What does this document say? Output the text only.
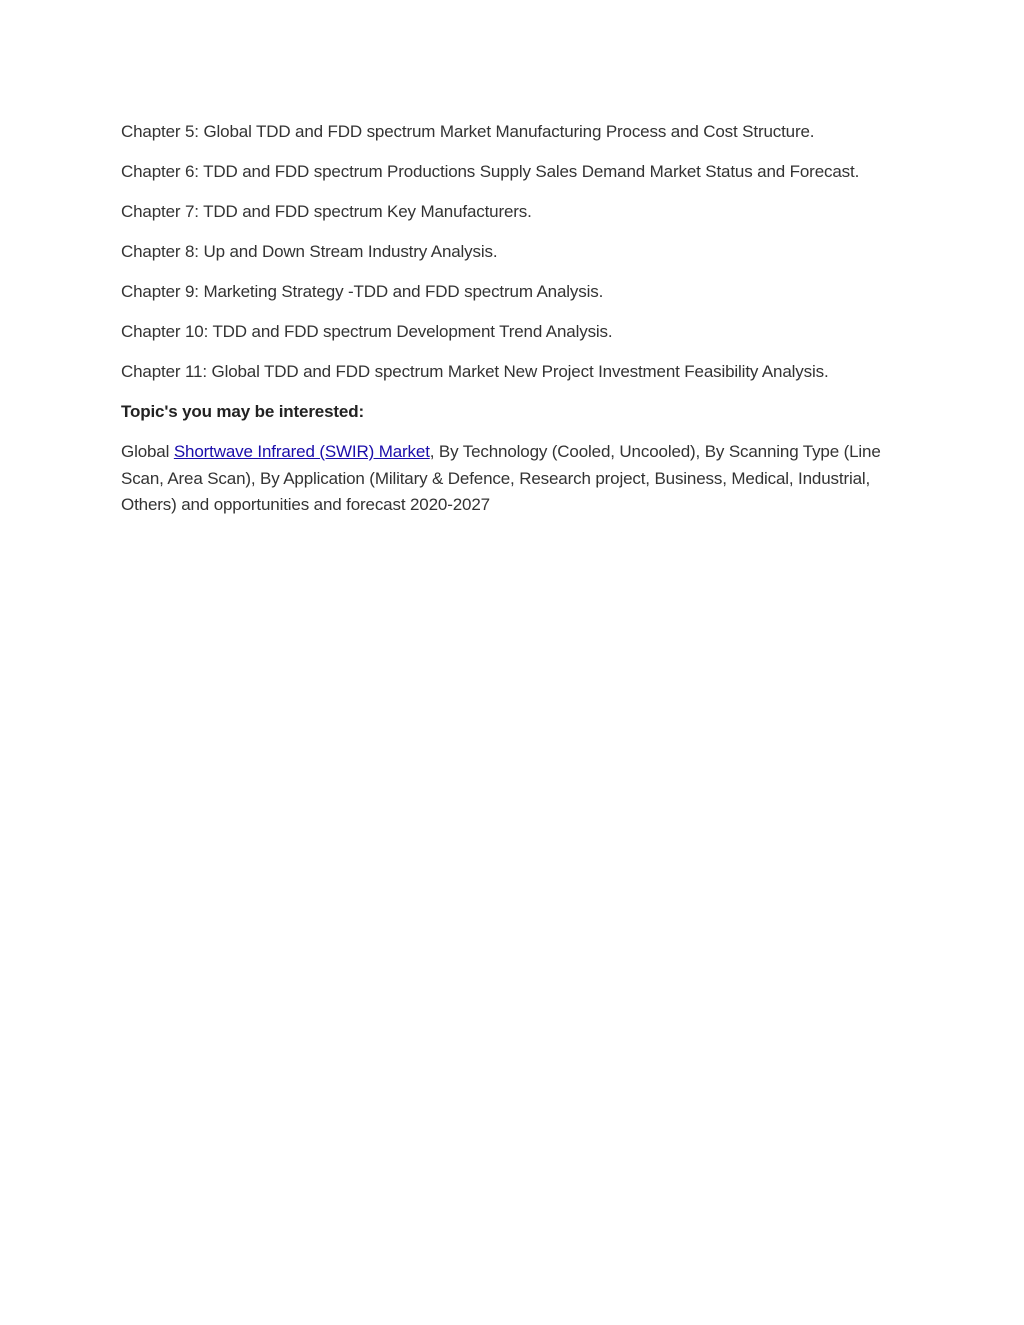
Chapter 5: Global TDD and FDD spectrum Market Manufacturing Process and Cost Structure.

Chapter 6: TDD and FDD spectrum Productions Supply Sales Demand Market Status and Forecast.

Chapter 7: TDD and FDD spectrum Key Manufacturers.

Chapter 8: Up and Down Stream Industry Analysis.

Chapter 9: Marketing Strategy -TDD and FDD spectrum Analysis.

Chapter 10: TDD and FDD spectrum Development Trend Analysis.

Chapter 11: Global TDD and FDD spectrum Market New Project Investment Feasibility Analysis.

Topic's you may be interested:

Global Shortwave Infrared (SWIR) Market, By Technology (Cooled, Uncooled), By Scanning Type (Line Scan, Area Scan), By Application (Military & Defence, Research project, Business, Medical, Industrial, Others) and opportunities and forecast 2020-2027
